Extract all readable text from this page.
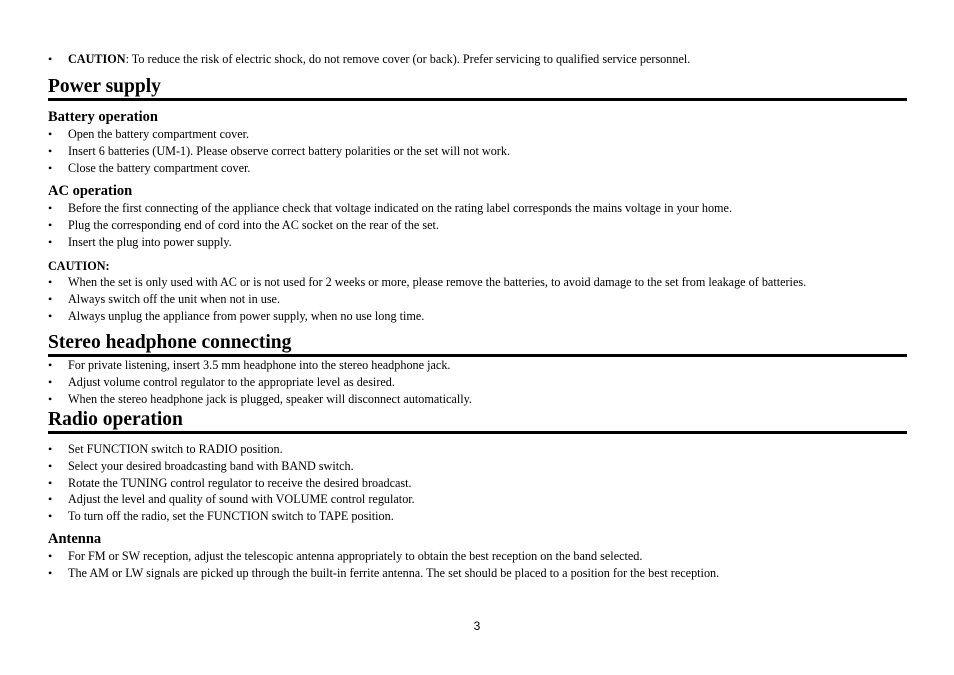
• CAUTION: To reduce the risk of electric shock, do not remove cover (or back). Prefer servicing to qualified service personnel.
Power supply
Battery operation
• Open the battery compartment cover.
• Insert 6 batteries (UM-1). Please observe correct battery polarities or the set will not work.
• Close the battery compartment cover.
AC operation
• Before the first connecting of the appliance check that voltage indicated on the rating label corresponds the mains voltage in your home.
• Plug the corresponding end of cord into the AC socket on the rear of the set.
• Insert the plug into power supply.
CAUTION:
• When the set is only used with AC or is not used for 2 weeks or more, please remove the batteries, to avoid damage to the set from leakage of batteries.
• Always switch off the unit when not in use.
• Always unplug the appliance from power supply, when no use long time.
Stereo headphone connecting
• For private listening, insert 3.5 mm headphone into the stereo headphone jack.
• Adjust volume control regulator to the appropriate level as desired.
• When the stereo headphone jack is plugged, speaker will disconnect automatically.
Radio operation
• Set FUNCTION switch to RADIO position.
• Select your desired broadcasting band with BAND switch.
• Rotate the TUNING control regulator to receive the desired broadcast.
• Adjust the level and quality of sound with VOLUME control regulator.
• To turn off the radio, set the FUNCTION switch to TAPE position.
Antenna
• For FM or SW reception, adjust the telescopic antenna appropriately to obtain the best reception on the band selected.
• The AM or LW signals are picked up through the built-in ferrite antenna. The set should be placed to a position for the best reception.
3
